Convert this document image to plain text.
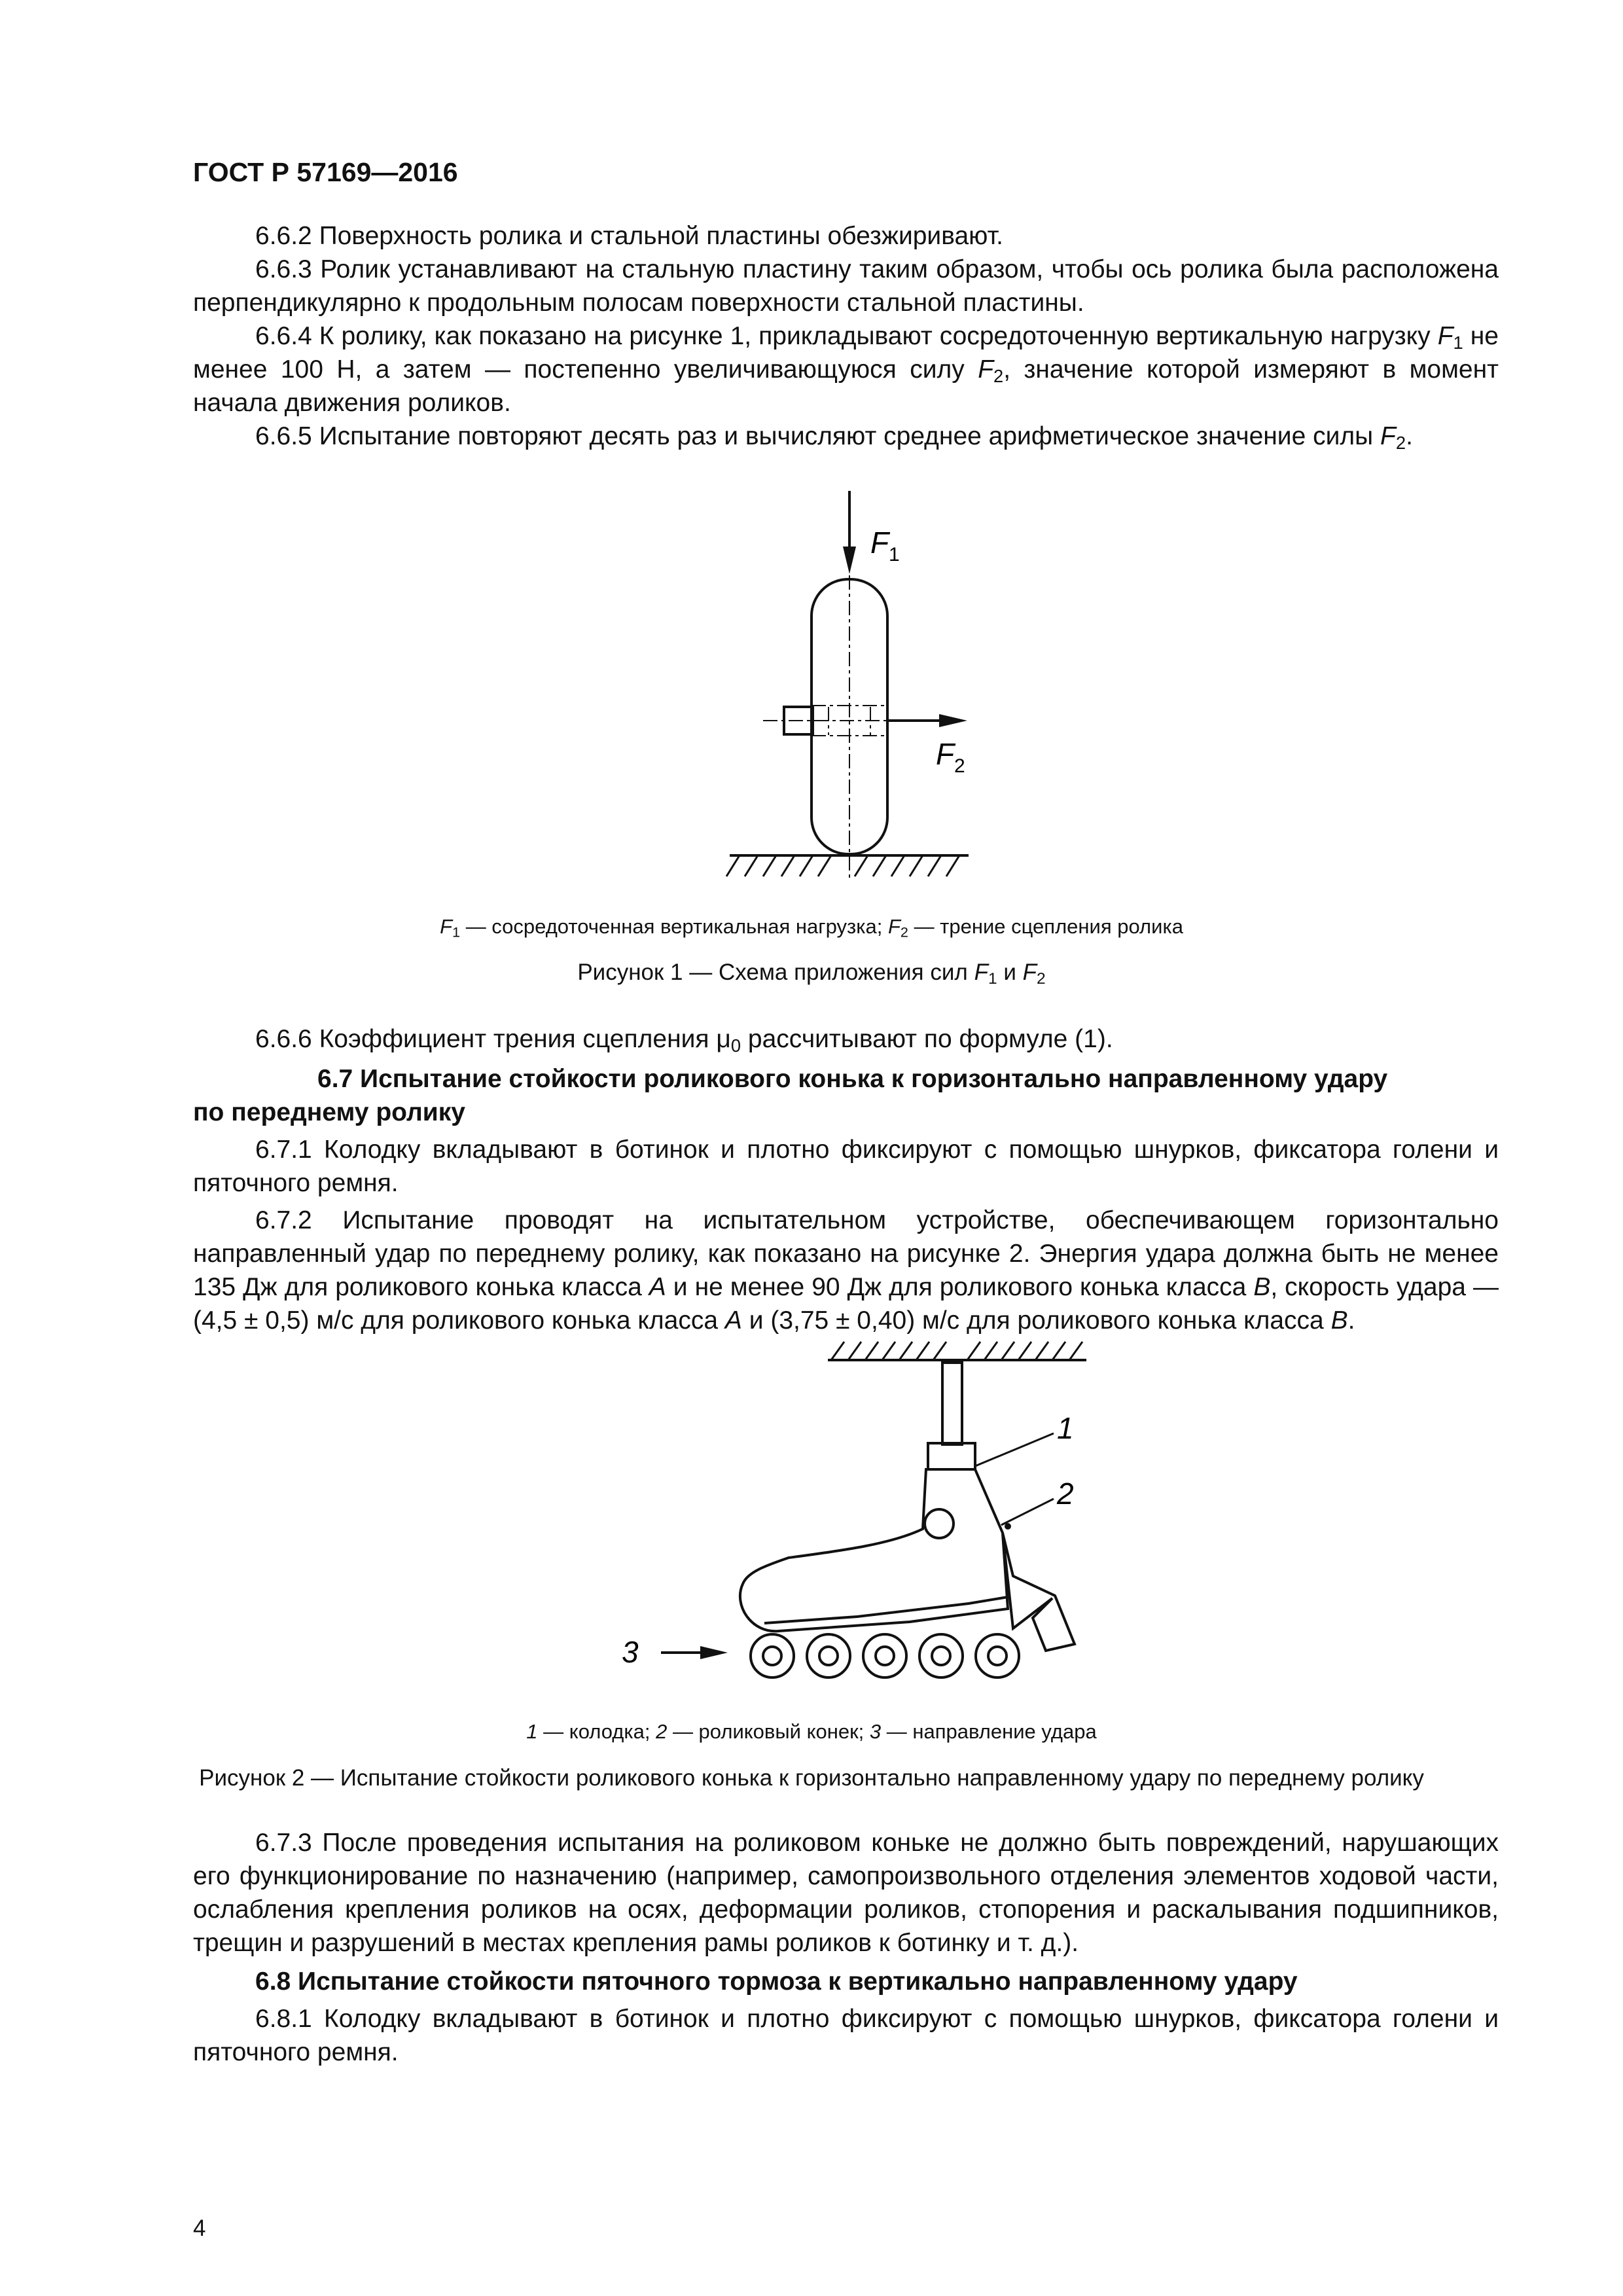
ГОСТ Р 57169—2016

6.6.2 Поверхность ролика и стальной пластины обезжиривают.

6.6.3 Ролик устанавливают на стальную пластину таким образом, чтобы ось ролика была расположена перпендикулярно к продольным полосам поверхности стальной пластины.

6.6.4 К ролику, как показано на рисунке 1, прикладывают сосредоточенную вертикальную нагрузку $F_1$ не менее 100 Н, а затем — постепенно увеличивающуюся силу $F_2$, значение которой измеряют в момент начала движения роликов.

6.6.5 Испытание повторяют десять раз и вычисляют среднее арифметическое значение силы $F_2$.

F 1
F 2
$F_1$ — сосредоточенная вертикальная нагрузка; $F_2$ — трение сцепления ролика
Рисунок 1 — Схема приложения сил $F_1$ и $F_2$

6.6.6 Коэффициент трения сцепления $\mu_0$ рассчитывают по формуле (1).

6.7 Испытание стойкости роликового конька к горизонтально направленному удару
по переднему ролику

6.7.1 Колодку вкладывают в ботинок и плотно фиксируют с помощью шнурков, фиксатора голени и пяточного ремня.

6.7.2 Испытание проводят на испытательном устройстве, обеспечивающем горизонтально направленный удар по переднему ролику, как показано на рисунке 2. Энергия удара должна быть не менее 135 Дж для роликового конька класса А и не менее 90 Дж для роликового конька класса В, скорость удара — (4,5 ± 0,5) м/с для роликового конька класса А и (3,75 ± 0,40) м/с для роликового конька класса В.

1
2
3
1 — колодка; 2 — роликовый конек; 3 — направление удара
Рисунок 2 — Испытание стойкости роликового конька к горизонтально направленному удару по переднему ролику

6.7.3 После проведения испытания на роликовом коньке не должно быть повреждений, нарушающих его функционирование по назначению (например, самопроизвольного отделения элементов ходовой части, ослабления крепления роликов на осях, деформации роликов, стопорения и раскалывания подшипников, трещин и разрушений в местах крепления рамы роликов к ботинку и т. д.).

6.8 Испытание стойкости пяточного тормоза к вертикально направленному удару

6.8.1 Колодку вкладывают в ботинок и плотно фиксируют с помощью шнурков, фиксатора голени и пяточного ремня.

4
